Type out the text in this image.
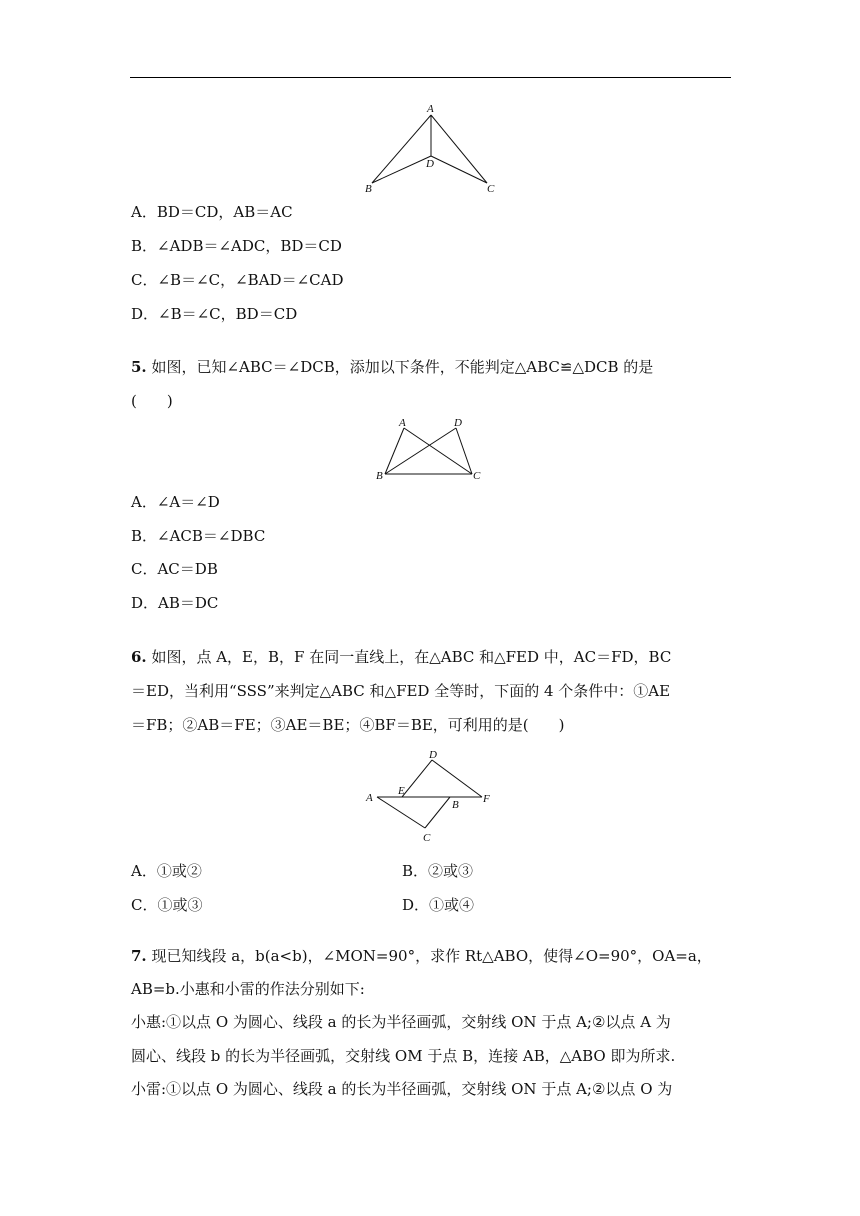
A
D
B	C
A．BD＝CD，AB＝AC
B．∠ADB＝∠ADC，BD＝CD
C．∠B＝∠C，∠BAD＝∠CAD
D．∠B＝∠C，BD＝CD
5. 如图，已知∠ABC＝∠DCB，添加以下条件，不能判定△ABC≌△DCB 的是
(　　)
A	D
B	C
A．∠A＝∠D
B．∠ACB＝∠DBC
C．AC＝DB
D．AB＝DC
6. 如图，点 A，E，B，F 在同一直线上，在△ABC 和△FED 中，AC＝FD，BC
＝ED，当利用“SSS”来判定△ABC 和△FED 全等时，下面的 4 个条件中：①AE
＝FB；②AB＝FE；③AE＝BE；④BF＝BE，可利用的是(　　)
D
E
A
B F
C
A．①或②	B．②或③
C．①或③	D．①或④
7. 现已知线段 a，b(a<b)，∠MON=90°，求作 Rt△ABO，使得∠O=90°，OA=a，
AB=b.小惠和小雷的作法分别如下:
小惠:①以点 O 为圆心、线段 a 的长为半径画弧，交射线 ON 于点 A;②以点 A 为
圆心、线段 b 的长为半径画弧，交射线 OM 于点 B，连接 AB，△ABO 即为所求.
小雷:①以点 O 为圆心、线段 a 的长为半径画弧，交射线 ON 于点 A;②以点 O 为
